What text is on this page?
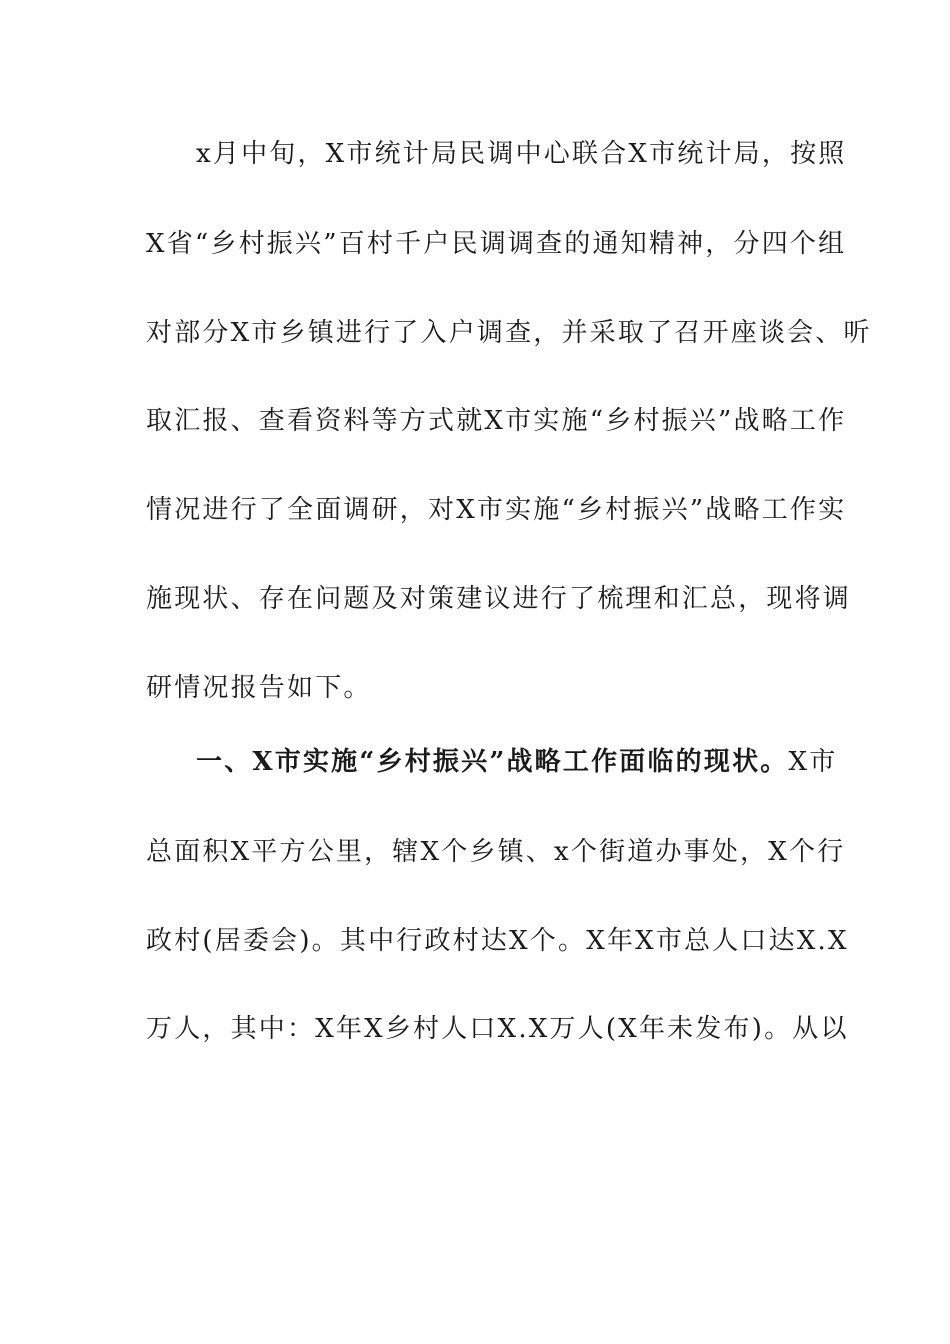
x月中旬，X市统计局民调中心联合X市统计局，按照
X省“乡村振兴”百村千户民调调查的通知精神，分四个组
对部分X市乡镇进行了入户调查，并采取了召开座谈会、听
取汇报、查看资料等方式就X市实施“乡村振兴”战略工作
情况进行了全面调研，对X市实施“乡村振兴”战略工作实
施现状、存在问题及对策建议进行了梳理和汇总，现将调
研情况报告如下。
一、X市实施“乡村振兴”战略工作面临的现状。X市
总面积X平方公里，辖X个乡镇、x个街道办事处，X个行
政村(居委会)。其中行政村达X个。X年X市总人口达X.X
万人，其中：X年X乡村人口X.X万人(X年未发布)。从以
